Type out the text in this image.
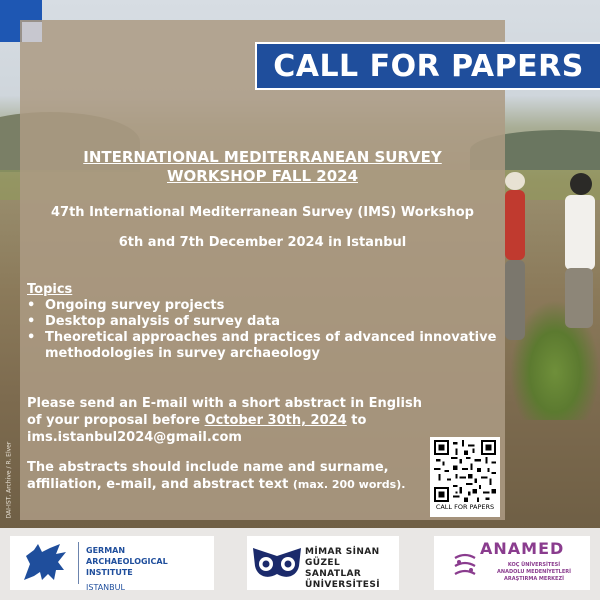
CALL FOR PAPERS
INTERNATIONAL MEDITERRANEAN SURVEY
WORKSHOP FALL 2024
47th International Mediterranean Survey (IMS) Workshop
6th and 7th December 2024 in Istanbul
Topics
• Ongoing survey projects
• Desktop analysis of survey data
• Theoretical approaches and practices of advanced innovative methodologies in survey archaeology
Please send an E-mail with a short abstract in English
of your proposal before October 30th, 2024 to
ims.istanbul2024@gmail.com
The abstracts should include name and surname, affiliation, e-mail, and abstract text (max. 200 words).
CALL FOR PAPERS
DAI-IST, Archive / R. Elver
GERMAN
ARCHAEOLOGICAL INSTITUTE
ISTANBUL
MİMAR SİNAN
GÜZEL SANATLAR
ÜNİVERSİTESİ
ANAMED
KOÇ ÜNİVERSİTESİ
ANADOLU MEDENİYETLERİ
ARAŞTIRMA MERKEZİ
